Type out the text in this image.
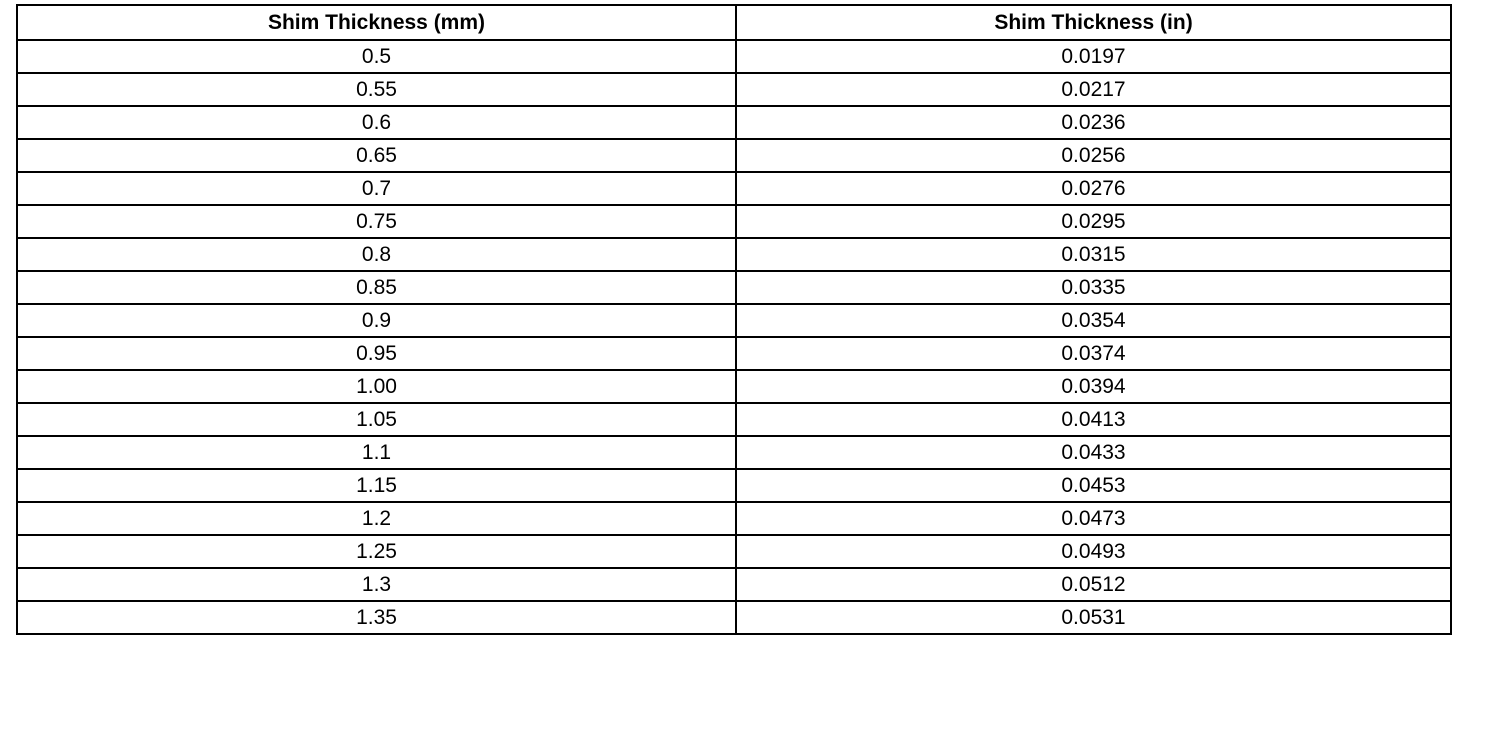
Shim Thickness (mm)	Shim Thickness (in)
0.5	0.0197
0.55	0.0217
0.6	0.0236
0.65	0.0256
0.7	0.0276
0.75	0.0295
0.8	0.0315
0.85	0.0335
0.9	0.0354
0.95	0.0374
1.00	0.0394
1.05	0.0413
1.1	0.0433
1.15	0.0453
1.2	0.0473
1.25	0.0493
1.3	0.0512
1.35	0.0531
